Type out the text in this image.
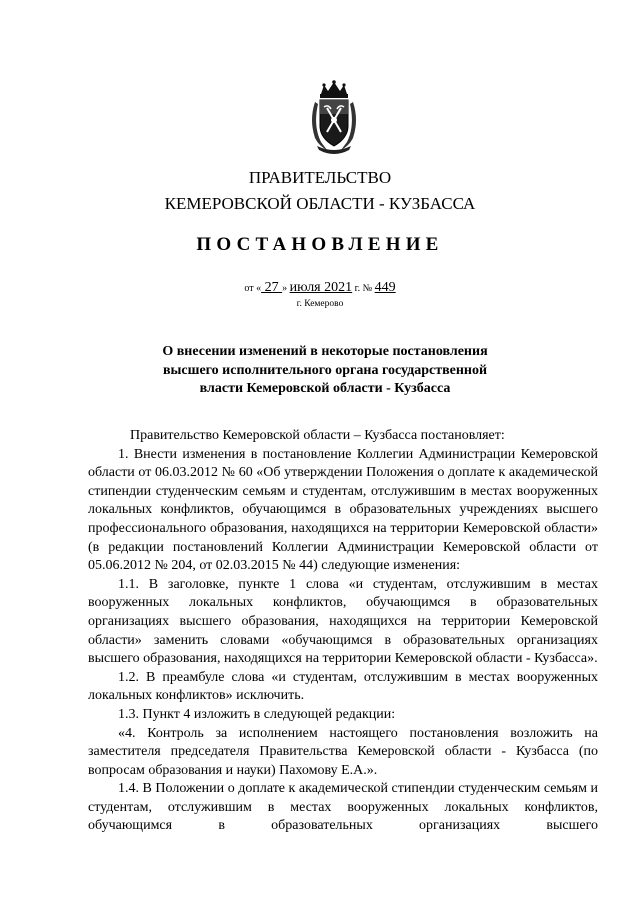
ПРАВИТЕЛЬСТВО
КЕМЕРОВСКОЙ ОБЛАСТИ - КУЗБАССА
ПОСТАНОВЛЕНИЕ
от « 27 » июля 2021 г. № 449
г. Кемерово
О внесении изменений в некоторые постановления
высшего исполнительного органа государственной
власти Кемеровской области - Кузбасса

Правительство Кемеровской области – Кузбасса постановляет:

1. Внести изменения в постановление Коллегии Администрации Кемеровской области от 06.03.2012 № 60 «Об утверждении Положения о доплате к академической стипендии студенческим семьям и студентам, отслужившим в местах вооруженных локальных конфликтов, обучающимся в образовательных учреждениях высшего профессионального образования, находящихся на территории Кемеровской области» (в редакции постановлений Коллегии Администрации Кемеровской области от 05.06.2012 № 204, от 02.03.2015 № 44) следующие изменения:

1.1. В заголовке, пункте 1 слова «и студентам, отслужившим в местах вооруженных локальных конфликтов, обучающимся в образовательных организациях высшего образования, находящихся на территории Кемеровской области» заменить словами «обучающимся в образовательных организациях высшего образования, находящихся на территории Кемеровской области - Кузбасса».

1.2. В преамбуле слова «и студентам, отслужившим в местах вооруженных локальных конфликтов» исключить.

1.3. Пункт 4 изложить в следующей редакции:

«4. Контроль за исполнением настоящего постановления возложить на заместителя председателя Правительства Кемеровской области - Кузбасса (по вопросам образования и науки) Пахомову Е.А.».

1.4. В Положении о доплате к академической стипендии студенческим семьям и студентам, отслужившим в местах вооруженных локальных конфликтов, обучающимся в образовательных организациях высшего
